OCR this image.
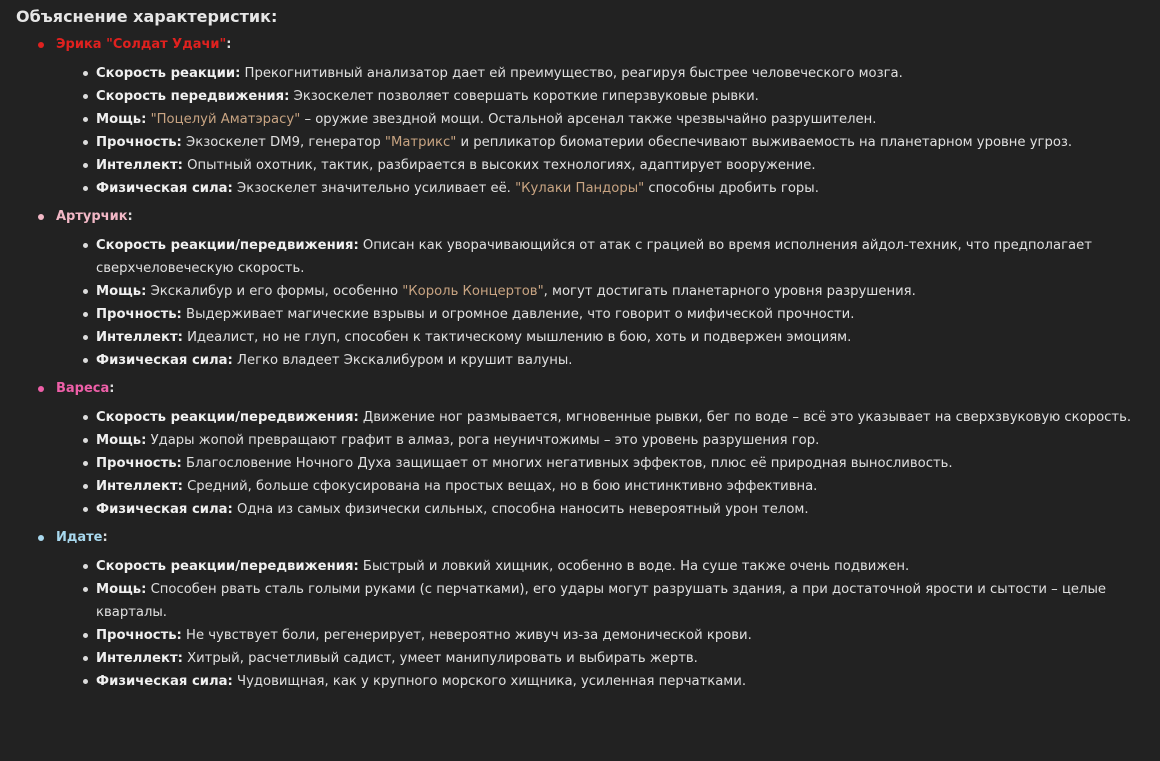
Объяснение характеристик:
Эрика "Солдат Удачи":
Скорость реакции: Прекогнитивный анализатор дает ей преимущество, реагируя быстрее человеческого мозга.
Скорость передвижения: Экзоскелет позволяет совершать короткие гиперзвуковые рывки.
Мощь: "Поцелуй Аматэрасу" – оружие звездной мощи. Остальной арсенал также чрезвычайно разрушителен.
Прочность: Экзоскелет DM9, генератор "Матрикс" и репликатор биоматерии обеспечивают выживаемость на планетарном уровне угроз.
Интеллект: Опытный охотник, тактик, разбирается в высоких технологиях, адаптирует вооружение.
Физическая сила: Экзоскелет значительно усиливает её. "Кулаки Пандоры" способны дробить горы.
Артурчик:
Скорость реакции/передвижения: Описан как уворачивающийся от атак с грацией во время исполнения айдол-техник, что предполагает сверхчеловеческую скорость.
Мощь: Экскалибур и его формы, особенно "Король Концертов", могут достигать планетарного уровня разрушения.
Прочность: Выдерживает магические взрывы и огромное давление, что говорит о мифической прочности.
Интеллект: Идеалист, но не глуп, способен к тактическому мышлению в бою, хоть и подвержен эмоциям.
Физическая сила: Легко владеет Экскалибуром и крушит валуны.
Вареса:
Скорость реакции/передвижения: Движение ног размывается, мгновенные рывки, бег по воде – всё это указывает на сверхзвуковую скорость.
Мощь: Удары жопой превращают графит в алмаз, рога неуничтожимы – это уровень разрушения гор.
Прочность: Благословение Ночного Духа защищает от многих негативных эффектов, плюс её природная выносливость.
Интеллект: Средний, больше сфокусирована на простых вещах, но в бою инстинктивно эффективна.
Физическая сила: Одна из самых физически сильных, способна наносить невероятный урон телом.
Идате:
Скорость реакции/передвижения: Быстрый и ловкий хищник, особенно в воде. На суше также очень подвижен.
Мощь: Способен рвать сталь голыми руками (с перчатками), его удары могут разрушать здания, а при достаточной ярости и сытости – целые кварталы.
Прочность: Не чувствует боли, регенерирует, невероятно живуч из-за демонической крови.
Интеллект: Хитрый, расчетливый садист, умеет манипулировать и выбирать жертв.
Физическая сила: Чудовищная, как у крупного морского хищника, усиленная перчатками.
